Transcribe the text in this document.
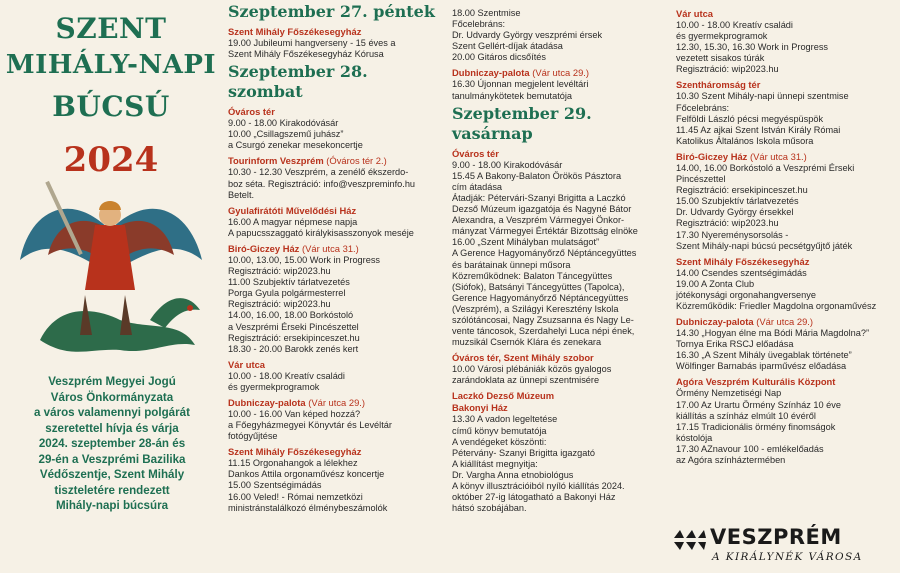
SZENT
MIHÁLY-NAPI
BÚCSÚ
2024
Veszprém Megyei Jogú
Város Önkormányzata
a város valamennyi polgárát
szeretettel hívja és várja
2024. szeptember 28-án és
29-én a Veszprémi Bazilika
Védőszentje, Szent Mihály
tiszteletére rendezett
Mihály-napi búcsúra
Szeptember 27. péntek
Szent Mihály Főszékesegyház
19.00 Jubileumi hangverseny - 15 éves a
Szent Mihály Főszékesegyház Kórusa
Szeptember 28. szombat
Óváros tér
9.00 - 18.00 Kirakodóvásár
10.00 „Csillagszemű juhász”
a Csurgó zenekar mesekoncertje
Tourinform Veszprém (Óváros tér 2.)
10.30 - 12.30 Veszprém, a zenélő ékszerdo-
boz séta. Regisztráció: info@veszpreminfo.hu
Betelt.
Gyulafirátóti Művelődési Ház
16.00 A magyar népmese napja
A papucsszaggató királykisasszonyok meséje
Biró-Giczey Ház (Vár utca 31.)
10.00, 13.00, 15.00 Work in Progress
Regisztráció: wip2023.hu
11.00 Szubjektív tárlatvezetés
Porga Gyula polgármesterrel
Regisztráció: wip2023.hu
14.00, 16.00, 18.00 Borkóstoló
a Veszprémi Érseki Pincészettel
Regisztráció: ersekipinceszet.hu
18.30 - 20.00 Barokk zenés kert
Vár utca
10.00 - 18.00 Kreatív családi
és gyermekprogramok
Dubniczay-palota (Vár utca 29.)
10.00 - 16.00 Van képed hozzá?
a Főegyházmegyei Könyvtár és Levéltár
fotógyűjtése
Szent Mihály Főszékesegyház
11.15 Orgonahangok a lélekhez
Dankos Attila orgonaművész koncertje
15.00 Szentségimádás
16.00 Veled! - Római nemzetközi
ministránstalálkozó élménybeszámolók
18.00 Szentmise
Főcelebráns:
Dr. Udvardy György veszprémi érsek
Szent Gellért-díjak átadása
20.00 Gitáros dicsőítés
Dubniczay-palota (Vár utca 29.)
16.30 Újonnan megjelent levéltári
tanulmánykötetek bemutatója
Szeptember 29. vasárnap
Óváros tér
9.00 - 18.00 Kirakodóvásár
15.45 A Bakony-Balaton Örökös Pásztora
cím átadása
Átadják: Pétervári-Szanyi Brigitta a Laczkó
Dezső Múzeum igazgatója és Nagyné Bátor
Alexandra, a Veszprém Vármegyei Önkor-
mányzat Vármegyei Értéktár Bizottság elnöke
16.00 „Szent Mihályban mulatságot”
A Gerence Hagyományőrző Néptáncegyüttes
és barátainak ünnepi műsora
Közreműködnek: Balaton Táncegyüttes
(Siófok), Batsányi Táncegyüttes (Tapolca),
Gerence Hagyományőrző Néptáncegyüttes
(Veszprém), a Szilágyi Keresztény Iskola
szólótáncosai, Nagy Zsuzsanna és Nagy Le-
vente táncosok, Szerdahelyi Luca népi ének,
muzsikál Csernók Klára és zenekara
Óváros tér, Szent Mihály szobor
10.00 Városi plébániák közös gyalogos
zarándoklata az ünnepi szentmisére
Laczkó Dezső Múzeum
Bakonyi Ház
13.30 A vadon legeltetése
című könyv bemutatója
A vendégeket köszönti:
Pétervány- Szanyi Brigitta igazgató
A kiállítást megnyitja:
Dr. Vargha Anna etnobiológus
A könyv illusztrációiból nyíló kiállítás 2024.
október 27-ig látogatható a Bakonyi Ház
hátsó szobájában.
Vár utca
10.00 - 18.00 Kreatív családi
és gyermekprogramok
12.30, 15.30, 16.30 Work in Progress
vezetett sisakos túrák
Regisztráció: wip2023.hu
Szentháromság tér
10.30 Szent Mihály-napi ünnepi szentmise
Főcelebráns:
Felföldi László pécsi megyéspüspök
11.45 Az ajkai Szent István Király Római
Katolikus Általános Iskola műsora
Biró-Giczey Ház (Vár utca 31.)
14.00, 16.00 Borkóstoló a Veszprémi Érseki
Pincészettel
Regisztráció: ersekipinceszet.hu
15.00 Szubjektív tárlatvezetés
Dr. Udvardy György érsekkel
Regisztráció: wip2023.hu
17.30 Nyereménysorsolás -
Szent Mihály-napi búcsú pecsétgyűjtő játék
Szent Mihály Főszékesegyház
14.00 Csendes szentségimádás
19.00 A Zonta Club
jótékonysági orgonahangversenye
Közreműködik: Friedler Magdolna orgonaművész
Dubniczay-palota (Vár utca 29.)
14.30 „Hogyan élne ma Bódi Mária Magdolna?”
Tornya Erika RSCJ előadása
16.30 „A Szent Mihály üvegablak története”
Wölfinger Barnabás iparművész előadása
Agóra Veszprém Kulturális Központ
Örmény Nemzetiségi Nap
17.00 Az Urartu Örmény Színház 10 éve
kiállítás a színház elmúlt 10 évéről
17.15 Tradicionális örmény finomságok
kóstolója
17.30 AZnavour 100 - emlékelőadás
az Agóra színháztermében
VESZPRÉM
A KIRÁLYNÉK VÁROSA
